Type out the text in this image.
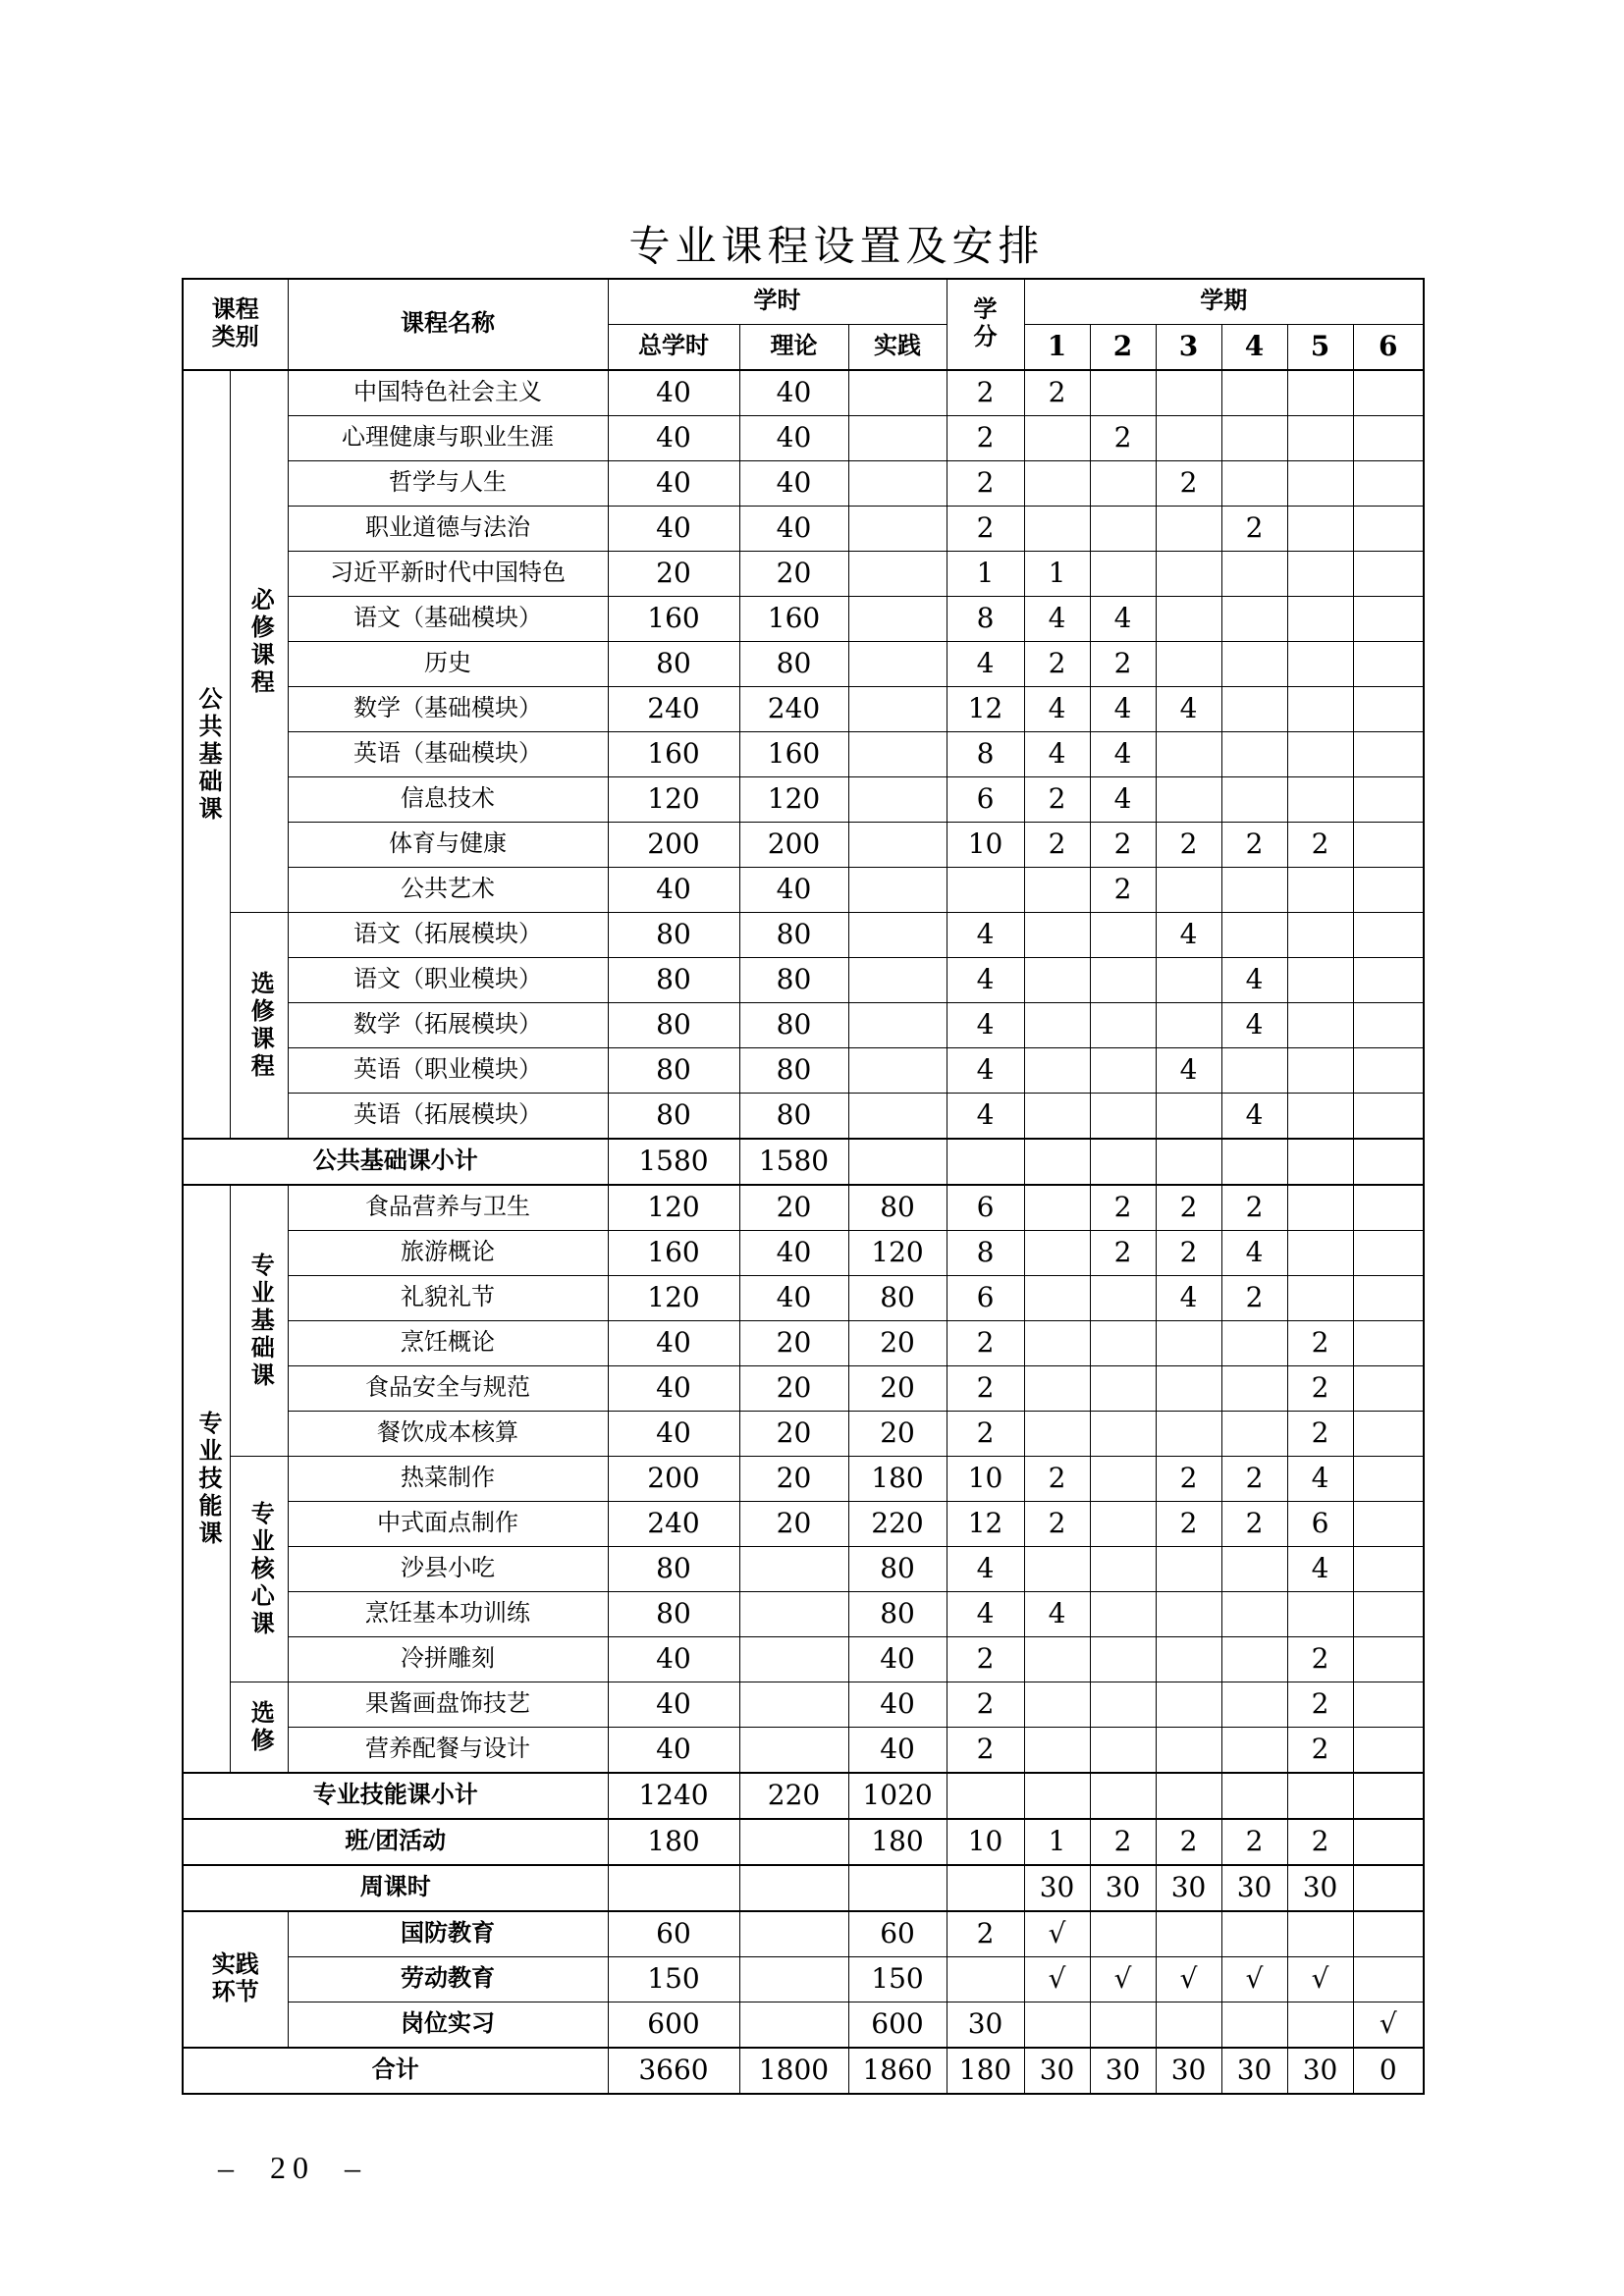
专业课程设置及安排
课程类别		课程名称	学时			学分	学期					
			总学时	理论	实践		1	2	3	4	5	6
公共基础课	必修课程	中国特色社会主义	40	40		2	2					
		心理健康与职业生涯	40	40		2		2				
		哲学与人生	40	40		2			2			
		职业道德与法治	40	40		2				2		
		习近平新时代中国特色	20	20		1	1					
		语文（基础模块）	160	160		8	4	4				
		历史	80	80		4	2	2				
		数学（基础模块）	240	240		12	4	4	4			
		英语（基础模块）	160	160		8	4	4				
		信息技术	120	120		6	2	4				
		体育与健康	200	200		10	2	2	2	2	2	
		公共艺术	40	40				2				
	选修课程	语文（拓展模块）	80	80		4			4			
		语文（职业模块）	80	80		4				4		
		数学（拓展模块）	80	80		4				4		
		英语（职业模块）	80	80		4			4			
		英语（拓展模块）	80	80		4				4		
公共基础课小计			1580	1580								
专业技能课	专业基础课	食品营养与卫生	120	20	80	6		2	2	2		
		旅游概论	160	40	120	8		2	2	4		
		礼貌礼节	120	40	80	6			4	2		
		烹饪概论	40	20	20	2					2	
		食品安全与规范	40	20	20	2					2	
		餐饮成本核算	40	20	20	2					2	
	专业核心课	热菜制作	200	20	180	10	2		2	2	4	
		中式面点制作	240	20	220	12	2		2	2	6	
		沙县小吃	80		80	4					4	
		烹饪基本功训练	80		80	4	4					
		冷拼雕刻	40		40	2					2	
	选修	果酱画盘饰技艺	40		40	2					2	
		营养配餐与设计	40		40	2					2	
专业技能课小计			1240	220	1020							
班/团活动			180		180	10	1	2	2	2	2	
周课时							30	30	30	30	30	
实践环节		国防教育	60		60	2	√					
		劳动教育	150		150		√	√	√	√	√	
		岗位实习	600		600	30						√
合计			3660	1800	1860	180	30	30	30	30	30	0
–  20  –
